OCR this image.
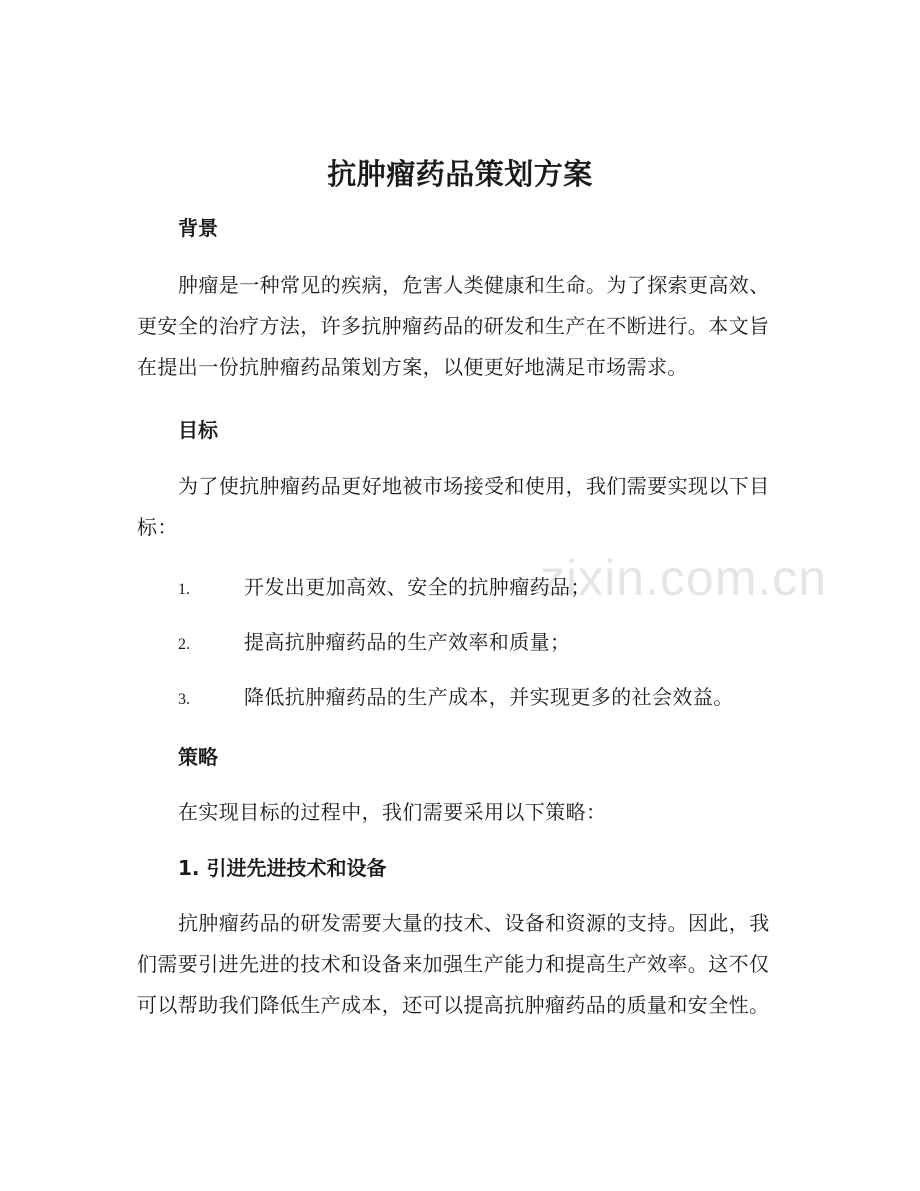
抗肿瘤药品策划方案
背景
肿瘤是一种常见的疾病，危害人类健康和生命。为了探索更高效、更安全的治疗方法，许多抗肿瘤药品的研发和生产在不断进行。本文旨在提出一份抗肿瘤药品策划方案，以便更好地满足市场需求。
目标
为了使抗肿瘤药品更好地被市场接受和使用，我们需要实现以下目标：
1.	开发出更加高效、安全的抗肿瘤药品；
2.	提高抗肿瘤药品的生产效率和质量；
3.	降低抗肿瘤药品的生产成本，并实现更多的社会效益。
策略
在实现目标的过程中，我们需要采用以下策略：
1. 引进先进技术和设备
抗肿瘤药品的研发需要大量的技术、设备和资源的支持。因此，我们需要引进先进的技术和设备来加强生产能力和提高生产效率。这不仅可以帮助我们降低生产成本，还可以提高抗肿瘤药品的质量和安全性。
zixin.com.cn
